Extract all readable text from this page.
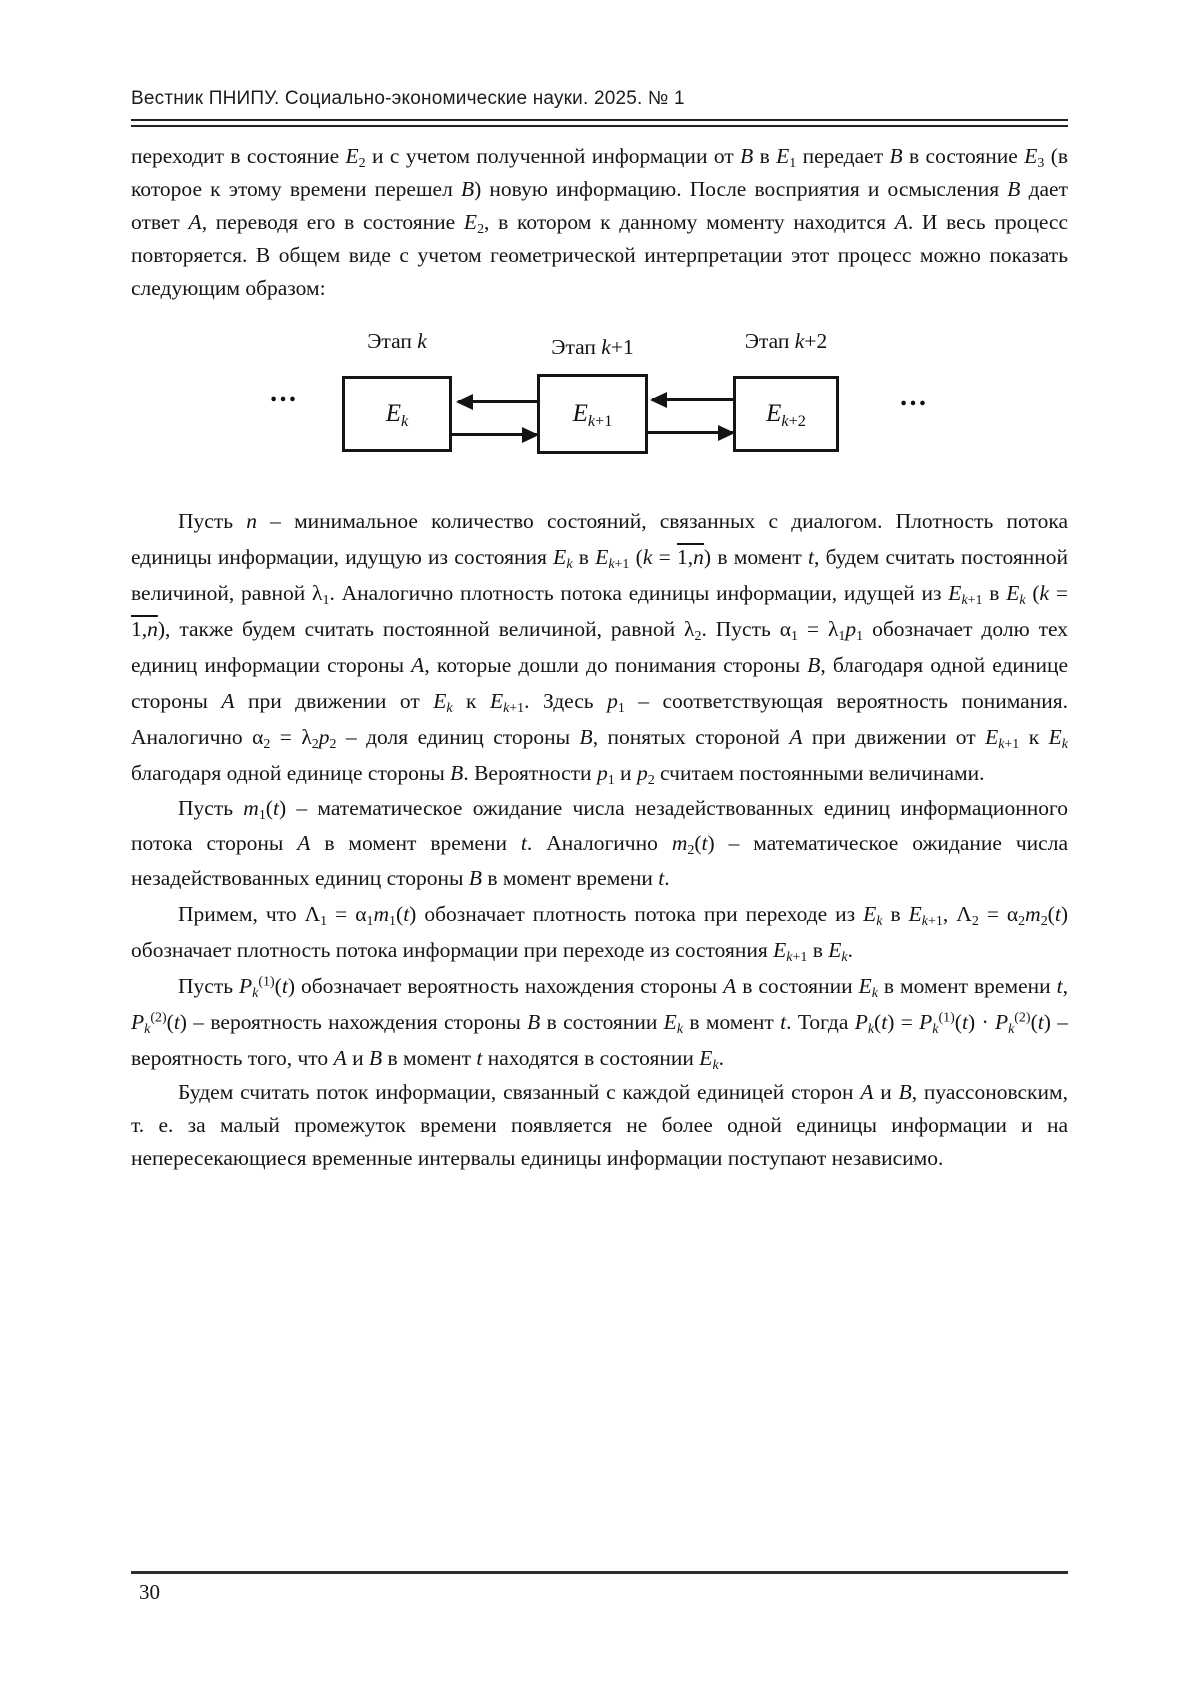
Вестник ПНИПУ. Социально-экономические науки. 2025. № 1

переходит в состояние $E_2$ и с учетом полученной информации от B в $E_1$ передает B в состояние $E_3$ (в которое к этому времени перешел B) новую информацию. После восприятия и осмысления B дает ответ A, переводя его в состояние $E_2$, в котором к данному моменту находится A. И весь процесс повторяется. В общем виде с учетом геометрической интерпретации этот процесс можно показать следующим образом:

…
Этап k	Этап k+1	Этап k+2
$E_k$	$E_{k+1}$	$E_{k+2}$
…

Пусть n – минимальное количество состояний, связанных с диалогом. Плотность потока единицы информации, идущую из состояния $E_k$ в $E_{k+1}$ (k = 1,n) в момент t, будем считать постоянной величиной, равной $\lambda_1$. Аналогично плотность потока единицы информации, идущей из $E_{k+1}$ в $E_k$ (k = 1,n), также будем считать постоянной величиной, равной $\lambda_2$. Пусть $\alpha_1 = \lambda_1p_1$ обозначает долю тех единиц информации стороны A, которые дошли до понимания стороны B, благодаря одной единице стороны A при движении от $E_k$ к $E_{k+1}$. Здесь $p_1$ – соответствующая вероятность понимания. Аналогично $\alpha_2 = \lambda_2p_2$ – доля единиц стороны B, понятых стороной A при движении от $E_{k+1}$ к $E_k$ благодаря одной единице стороны B. Вероятности $p_1$ и $p_2$ считаем постоянными величинами.

Пусть $m_1(t)$ – математическое ожидание числа незадействованных единиц информационного потока стороны A в момент времени t. Аналогично $m_2(t)$ – математическое ожидание числа незадействованных единиц стороны B в момент времени t.

Примем, что $\Lambda_1 = \alpha_1m_1(t)$ обозначает плотность потока при переходе из $E_k$ в $E_{k+1}$, $\Lambda_2 = \alpha_2m_2(t)$ обозначает плотность потока информации при переходе из состояния $E_{k+1}$ в $E_k$.

Пусть $P_k^{(1)}(t)$ обозначает вероятность нахождения стороны A в состоянии $E_k$ в момент времени t, $P_k^{(2)}(t)$ – вероятность нахождения стороны B в состоянии $E_k$ в момент t. Тогда $P_k(t) = P_k^{(1)}(t) \cdot P_k^{(2)}(t)$ – вероятность того, что A и B в момент t находятся в состоянии $E_k$.

Будем считать поток информации, связанный с каждой единицей сторон A и B, пуассоновским, т. е. за малый промежуток времени появляется не более одной единицы информации и на непересекающиеся временные интервалы единицы информации поступают независимо.

30
